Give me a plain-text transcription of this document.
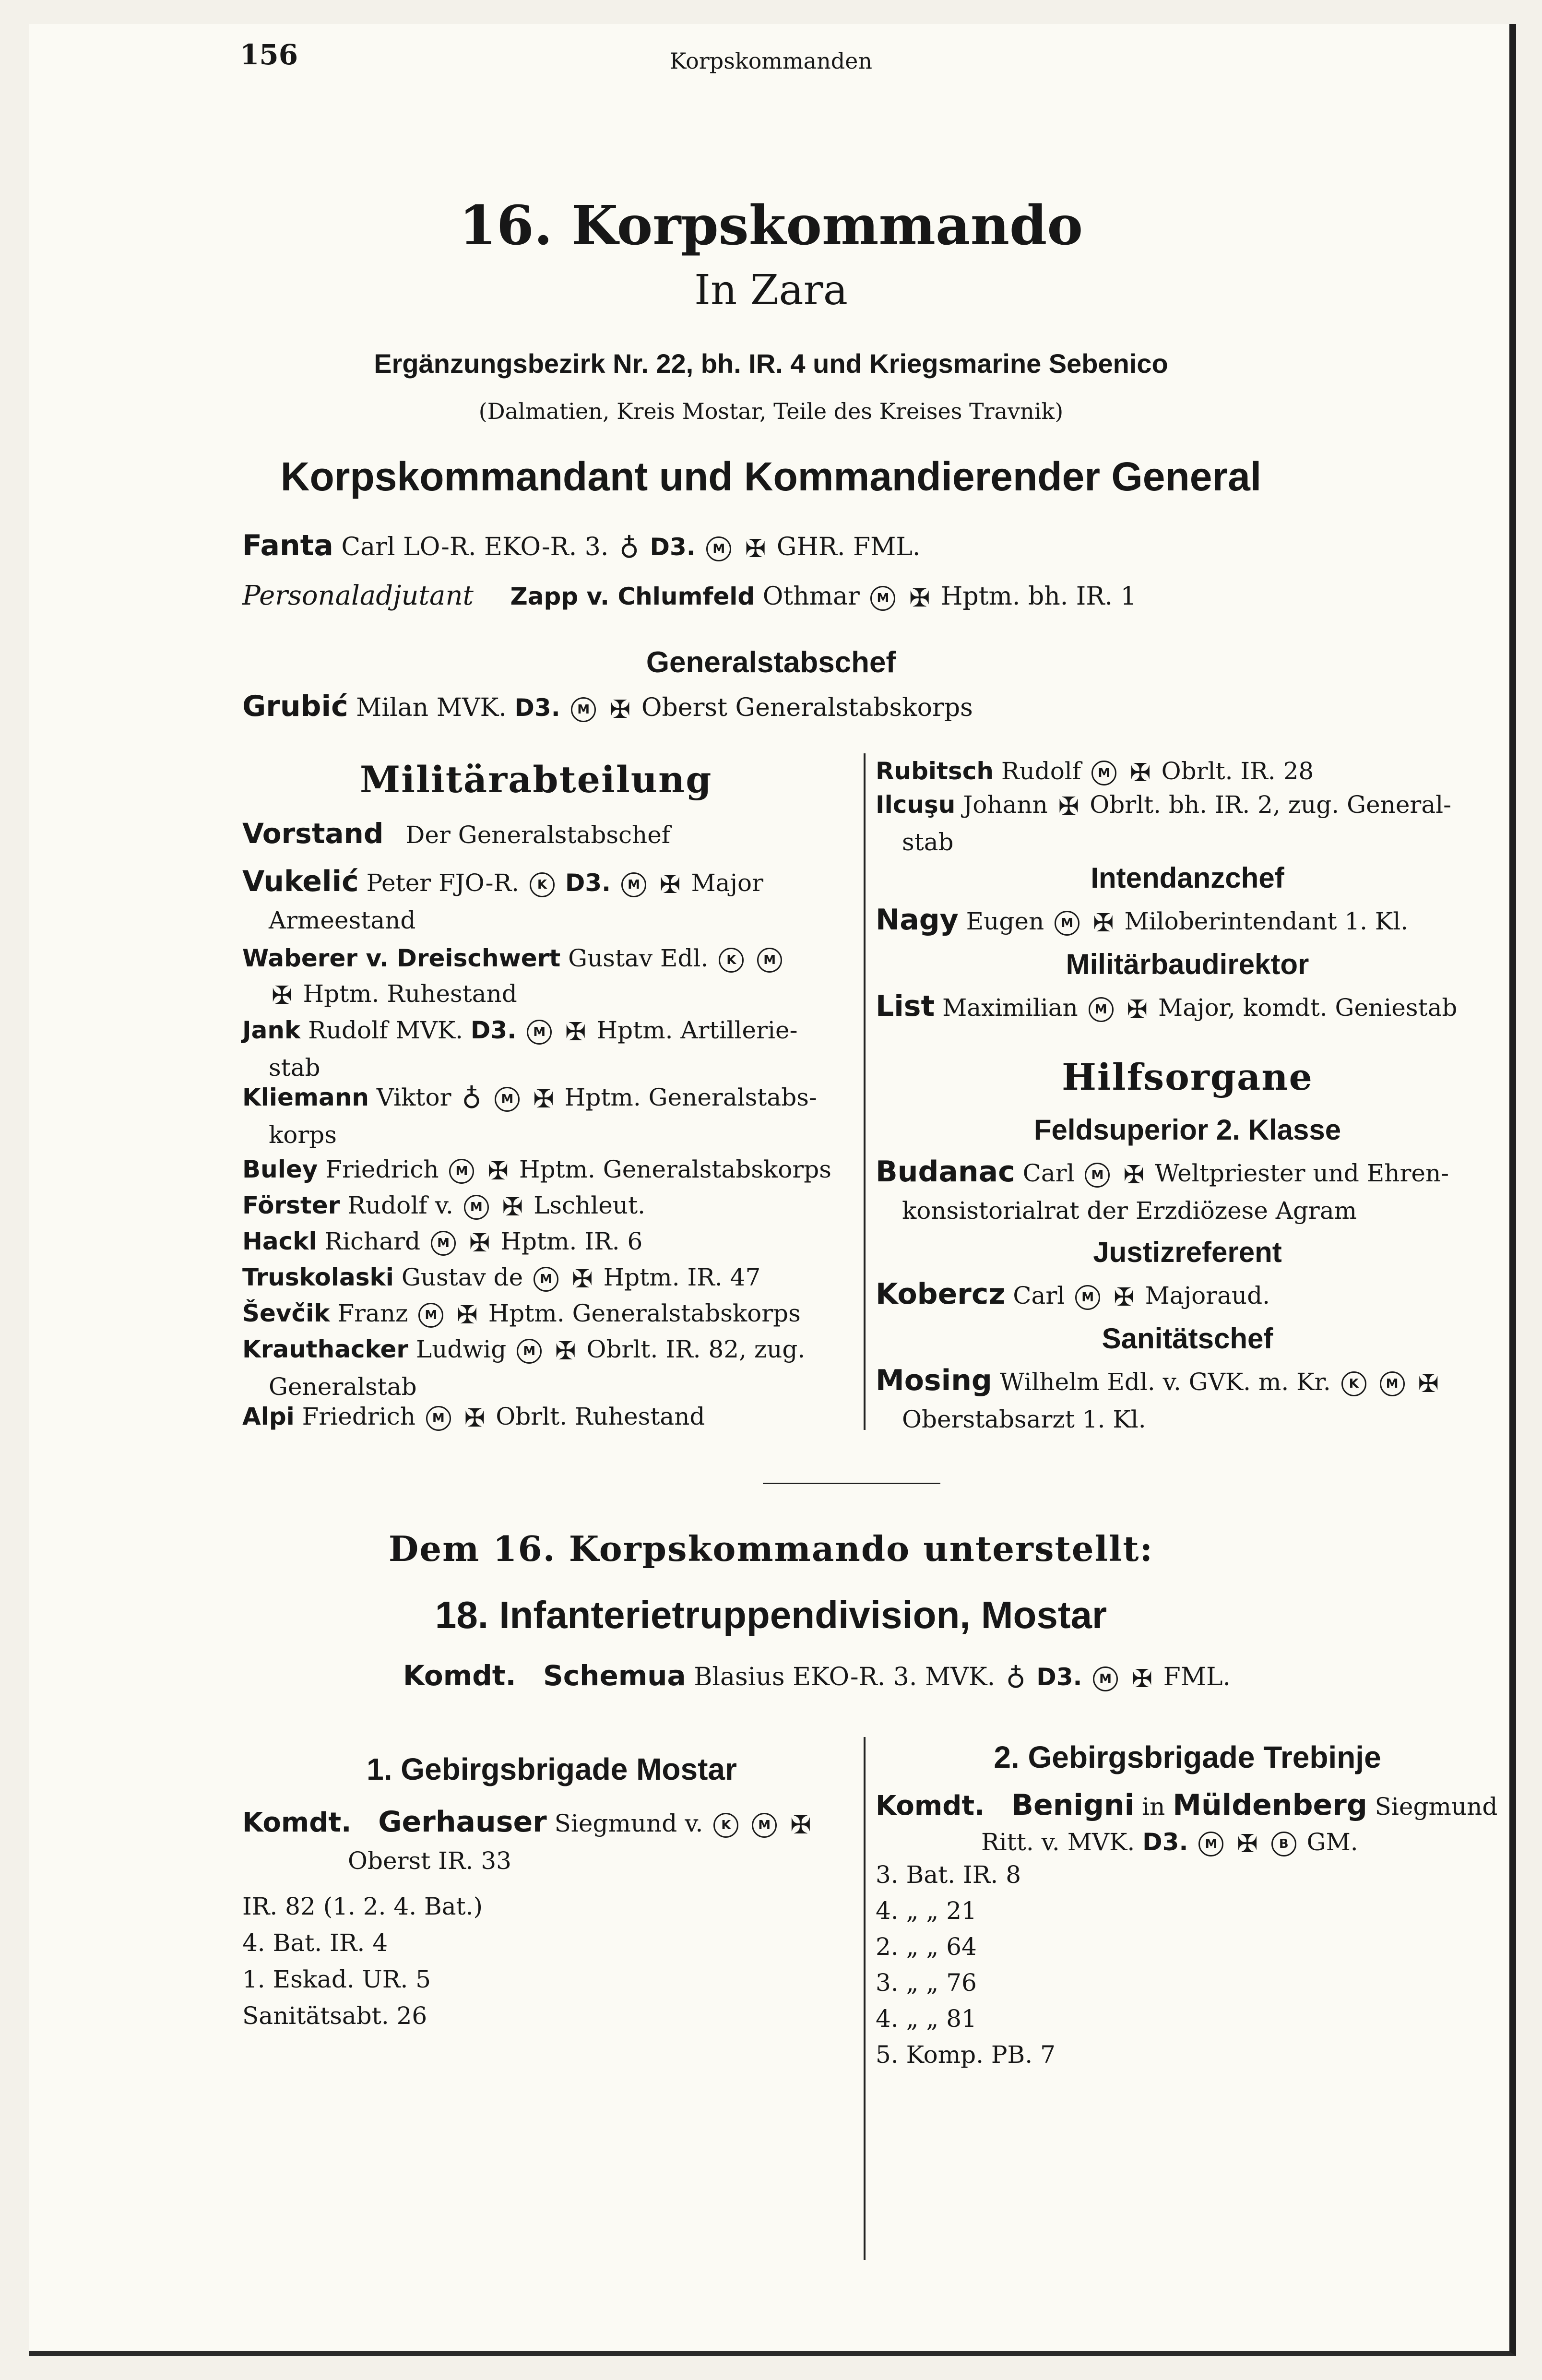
156	Korpskommanden
16. Korpskommando
In Zara
Ergänzungsbezirk Nr. 22, bh. IR. 4 und Kriegsmarine Sebenico
(Dalmatien, Kreis Mostar, Teile des Kreises Travnik)
Korpskommandant und Kommandierender General
Fanta Carl LO-R. EKO-R. 3. ♁ D3. M ✠ GHR. FML.
Personaladjutant Zapp v. Chlumfeld Othmar M ✠ Hptm. bh. IR. 1
Generalstabschef
Grubić Milan MVK. D3. M ✠ Oberst Generalstabskorps
Militärabteilung
Vorstand Der Generalstabschef
Vukelić Peter FJO-R. K D3. M ✠ Major
Armeestand
Waberer v. Dreischwert Gustav Edl. K M
✠ Hptm. Ruhestand
Jank Rudolf MVK. D3. M ✠ Hptm. Artillerie-
stab
Kliemann Viktor ♁ M ✠ Hptm. Generalstabs-
korps
Buley Friedrich M ✠ Hptm. Generalstabskorps
Förster Rudolf v. M ✠ Lschleut.
Hackl Richard M ✠ Hptm. IR. 6
Truskolaski Gustav de M ✠ Hptm. IR. 47
Ševčik Franz M ✠ Hptm. Generalstabskorps
Krauthacker Ludwig M ✠ Obrlt. IR. 82, zug.
Generalstab
Alpi Friedrich M ✠ Obrlt. Ruhestand
Rubitsch Rudolf M ✠ Obrlt. IR. 28
Ilcuşu Johann ✠ Obrlt. bh. IR. 2, zug. General-
stab
Intendanzchef
Nagy Eugen M ✠ Miloberintendant 1. Kl.
Militärbaudirektor
List Maximilian M ✠ Major, komdt. Geniestab
Hilfsorgane
Feldsuperior 2. Klasse
Budanac Carl M ✠ Weltpriester und Ehren-
konsistorialrat der Erzdiözese Agram
Justizreferent
Kobercz Carl M ✠ Majoraud.
Sanitätschef
Mosing Wilhelm Edl. v. GVK. m. Kr. K M ✠
Oberstabsarzt 1. Kl.
Dem 16. Korpskommando unterstellt:
18. Infanterietruppendivision, Mostar
Komdt. Schemua Blasius EKO-R. 3. MVK. ♁ D3. M ✠ FML.
1. Gebirgsbrigade Mostar
Komdt. Gerhauser Siegmund v. K M ✠
Oberst IR. 33
IR. 82 (1. 2. 4. Bat.)
4. Bat. IR. 4
1. Eskad. UR. 5
Sanitätsabt. 26
2. Gebirgsbrigade Trebinje
Komdt. Benigni in Müldenberg Siegmund
Ritt. v. MVK. D3. M ✠ B GM.
3. Bat. IR. 8
4. „ „ 21
2. „ „ 64
3. „ „ 76
4. „ „ 81
5. Komp. PB. 7
